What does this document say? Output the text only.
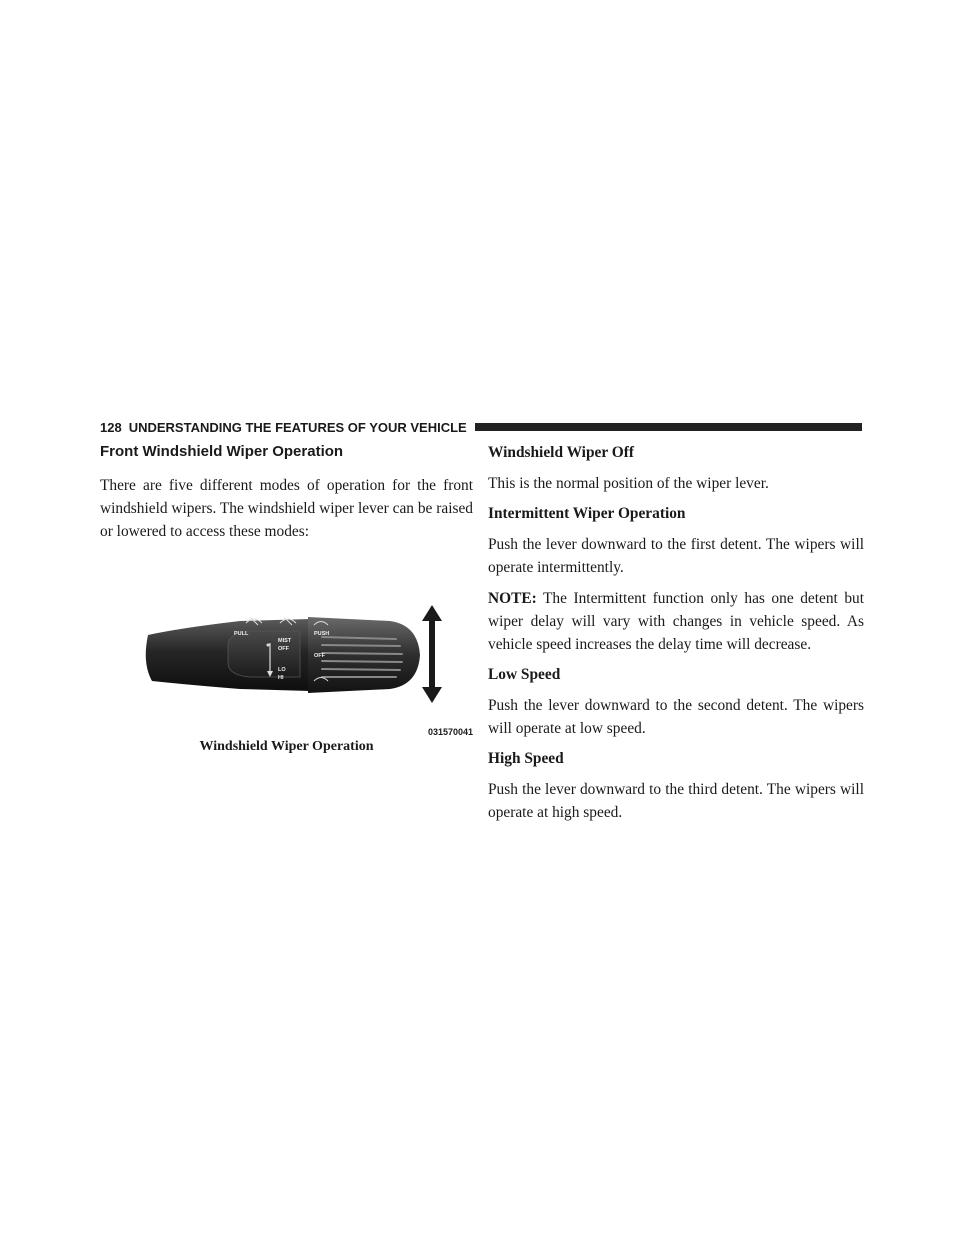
128 UNDERSTANDING THE FEATURES OF YOUR VEHICLE
Front Windshield Wiper Operation

There are five different modes of operation for the front windshield wipers. The windshield wiper lever can be raised or lowered to access these modes:

PULL
MIST
OFF
LO
HI
PUSH
OFF
031570041
Windshield Wiper Operation
Windshield Wiper Off

This is the normal position of the wiper lever.

Intermittent Wiper Operation

Push the lever downward to the first detent. The wipers will operate intermittently.

NOTE: The Intermittent function only has one detent but wiper delay will vary with changes in vehicle speed. As vehicle speed increases the delay time will decrease.

Low Speed

Push the lever downward to the second detent. The wipers will operate at low speed.

High Speed

Push the lever downward to the third detent. The wipers will operate at high speed.
